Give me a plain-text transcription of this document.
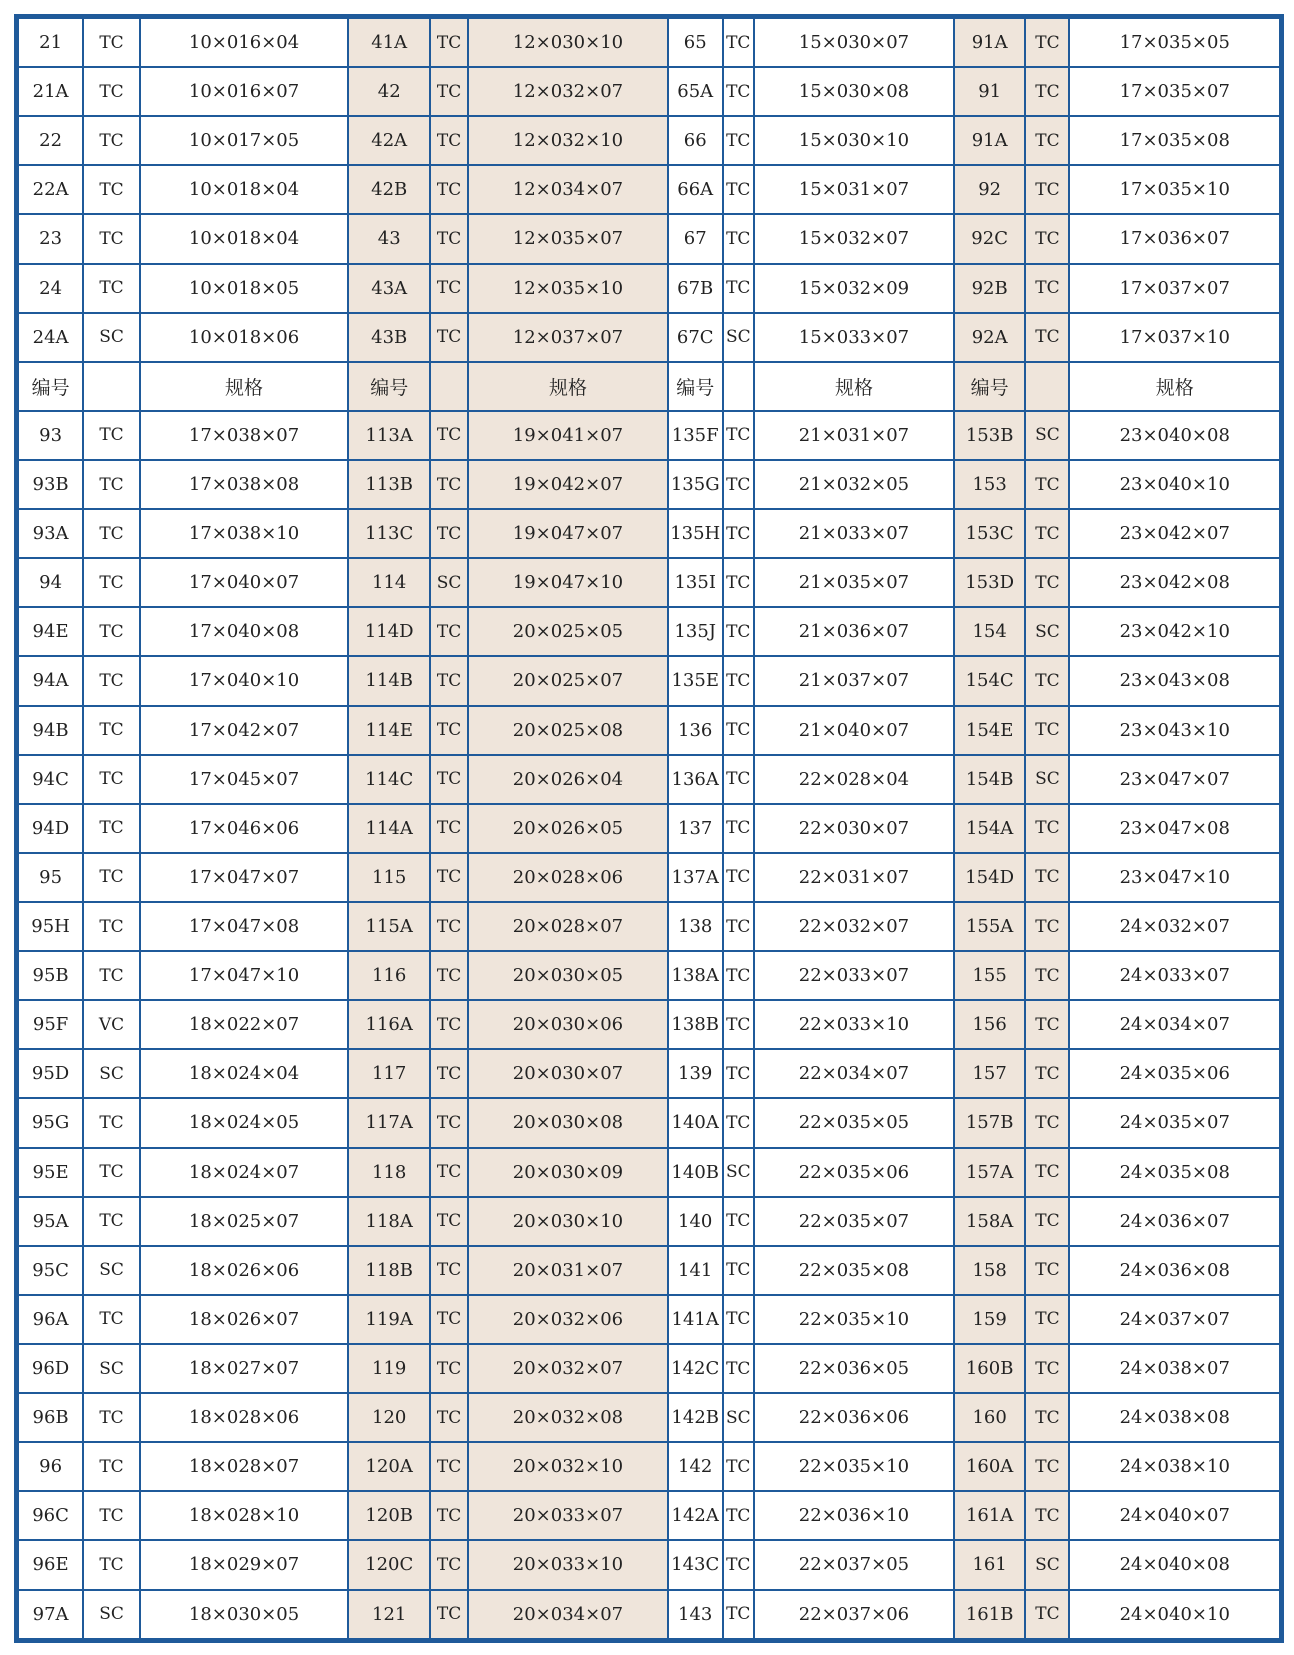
21	TC	10×016×04	41A	TC	12×030×10	65	TC	15×030×07	91A	TC	17×035×05
21A	TC	10×016×07	42	TC	12×032×07	65A	TC	15×030×08	91	TC	17×035×07
22	TC	10×017×05	42A	TC	12×032×10	66	TC	15×030×10	91A	TC	17×035×08
22A	TC	10×018×04	42B	TC	12×034×07	66A	TC	15×031×07	92	TC	17×035×10
23	TC	10×018×04	43	TC	12×035×07	67	TC	15×032×07	92C	TC	17×036×07
24	TC	10×018×05	43A	TC	12×035×10	67B	TC	15×032×09	92B	TC	17×037×07
24A	SC	10×018×06	43B	TC	12×037×07	67C	SC	15×033×07	92A	TC	17×037×10
编号		规格	编号		规格	编号		规格	编号		规格
93	TC	17×038×07	113A	TC	19×041×07	135F	TC	21×031×07	153B	SC	23×040×08
93B	TC	17×038×08	113B	TC	19×042×07	135G	TC	21×032×05	153	TC	23×040×10
93A	TC	17×038×10	113C	TC	19×047×07	135H	TC	21×033×07	153C	TC	23×042×07
94	TC	17×040×07	114	SC	19×047×10	135I	TC	21×035×07	153D	TC	23×042×08
94E	TC	17×040×08	114D	TC	20×025×05	135J	TC	21×036×07	154	SC	23×042×10
94A	TC	17×040×10	114B	TC	20×025×07	135E	TC	21×037×07	154C	TC	23×043×08
94B	TC	17×042×07	114E	TC	20×025×08	136	TC	21×040×07	154E	TC	23×043×10
94C	TC	17×045×07	114C	TC	20×026×04	136A	TC	22×028×04	154B	SC	23×047×07
94D	TC	17×046×06	114A	TC	20×026×05	137	TC	22×030×07	154A	TC	23×047×08
95	TC	17×047×07	115	TC	20×028×06	137A	TC	22×031×07	154D	TC	23×047×10
95H	TC	17×047×08	115A	TC	20×028×07	138	TC	22×032×07	155A	TC	24×032×07
95B	TC	17×047×10	116	TC	20×030×05	138A	TC	22×033×07	155	TC	24×033×07
95F	VC	18×022×07	116A	TC	20×030×06	138B	TC	22×033×10	156	TC	24×034×07
95D	SC	18×024×04	117	TC	20×030×07	139	TC	22×034×07	157	TC	24×035×06
95G	TC	18×024×05	117A	TC	20×030×08	140A	TC	22×035×05	157B	TC	24×035×07
95E	TC	18×024×07	118	TC	20×030×09	140B	SC	22×035×06	157A	TC	24×035×08
95A	TC	18×025×07	118A	TC	20×030×10	140	TC	22×035×07	158A	TC	24×036×07
95C	SC	18×026×06	118B	TC	20×031×07	141	TC	22×035×08	158	TC	24×036×08
96A	TC	18×026×07	119A	TC	20×032×06	141A	TC	22×035×10	159	TC	24×037×07
96D	SC	18×027×07	119	TC	20×032×07	142C	TC	22×036×05	160B	TC	24×038×07
96B	TC	18×028×06	120	TC	20×032×08	142B	SC	22×036×06	160	TC	24×038×08
96	TC	18×028×07	120A	TC	20×032×10	142	TC	22×035×10	160A	TC	24×038×10
96C	TC	18×028×10	120B	TC	20×033×07	142A	TC	22×036×10	161A	TC	24×040×07
96E	TC	18×029×07	120C	TC	20×033×10	143C	TC	22×037×05	161	SC	24×040×08
97A	SC	18×030×05	121	TC	20×034×07	143	TC	22×037×06	161B	TC	24×040×10
